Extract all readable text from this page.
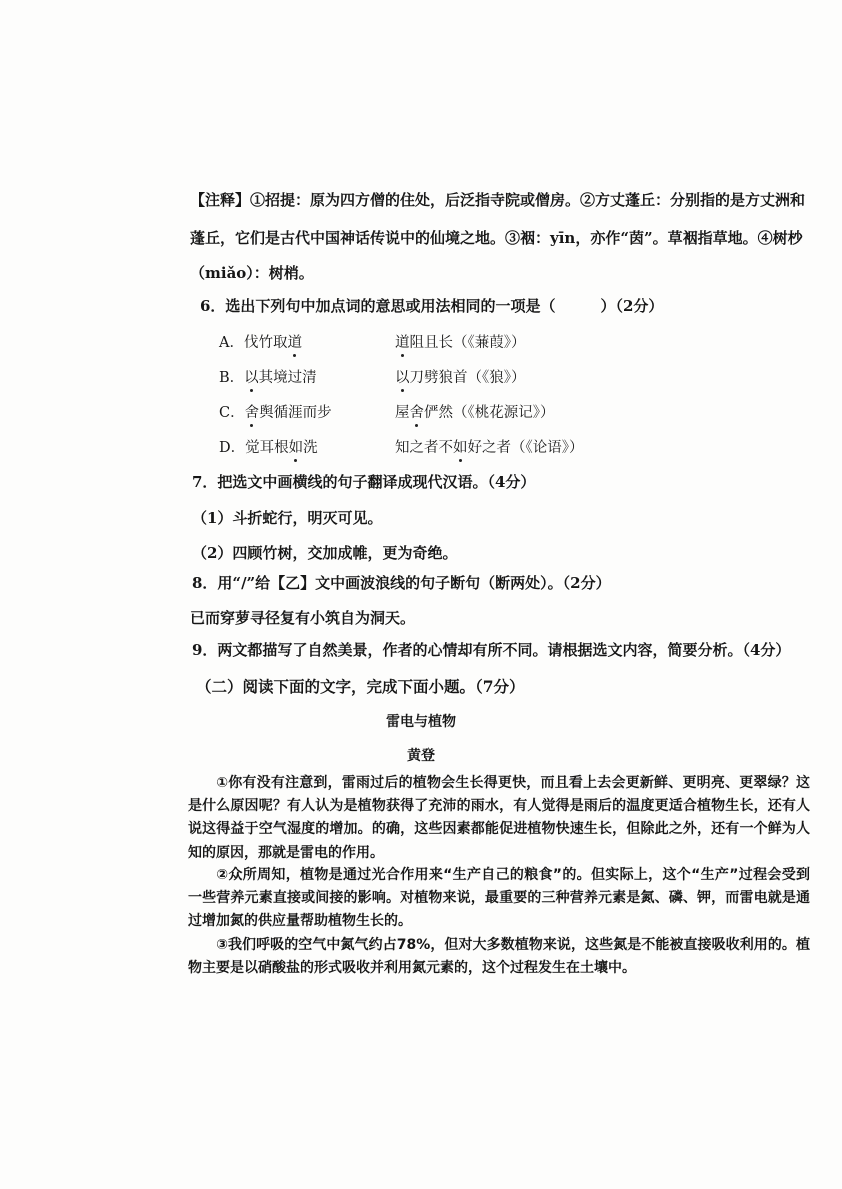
【注释】①招提：原为四方僧的住处，后泛指寺院或僧房。②方丈蓬丘：分别指的是方丈洲和
蓬丘，它们是古代中国神话传说中的仙境之地。③裀：yīn，亦作“茵”。草裀指草地。④树杪
（miǎo）：树梢。
6．选出下列句中加点词的意思或用法相同的一项是（　　　）（2分）
A．伐竹取道	道阻且长（《蒹葭》）
B．以其境过清	以刀劈狼首（《狼》）
C．舍舆循涯而步	屋舍俨然（《桃花源记》）
D．觉耳根如洗	知之者不如好之者（《论语》）
7．把选文中画横线的句子翻译成现代汉语。（4分）
（1）斗折蛇行，明灭可见。
（2）四顾竹树，交加成帷，更为奇绝。
8．用“/”给【乙】文中画波浪线的句子断句（断两处）。（2分）
已而穿萝寻径复有小筑自为洞天。
9．两文都描写了自然美景，作者的心情却有所不同。请根据选文内容，简要分析。（4分）
（二）阅读下面的文字，完成下面小题。（7分）
雷电与植物
黄登
①你有没有注意到，雷雨过后的植物会生长得更快，而且看上去会更新鲜、更明亮、更翠绿？这是什么原因呢？有人认为是植物获得了充沛的雨水，有人觉得是雨后的温度更适合植物生长，还有人说这得益于空气湿度的增加。的确，这些因素都能促进植物快速生长，但除此之外，还有一个鲜为人知的原因，那就是雷电的作用。
②众所周知，植物是通过光合作用来“生产自己的粮食”的。但实际上，这个“生产”过程会受到一些营养元素直接或间接的影响。对植物来说，最重要的三种营养元素是氮、磷、钾，而雷电就是通过增加氮的供应量帮助植物生长的。
③我们呼吸的空气中氮气约占78%，但对大多数植物来说，这些氮是不能被直接吸收利用的。植物主要是以硝酸盐的形式吸收并利用氮元素的，这个过程发生在土壤中。
